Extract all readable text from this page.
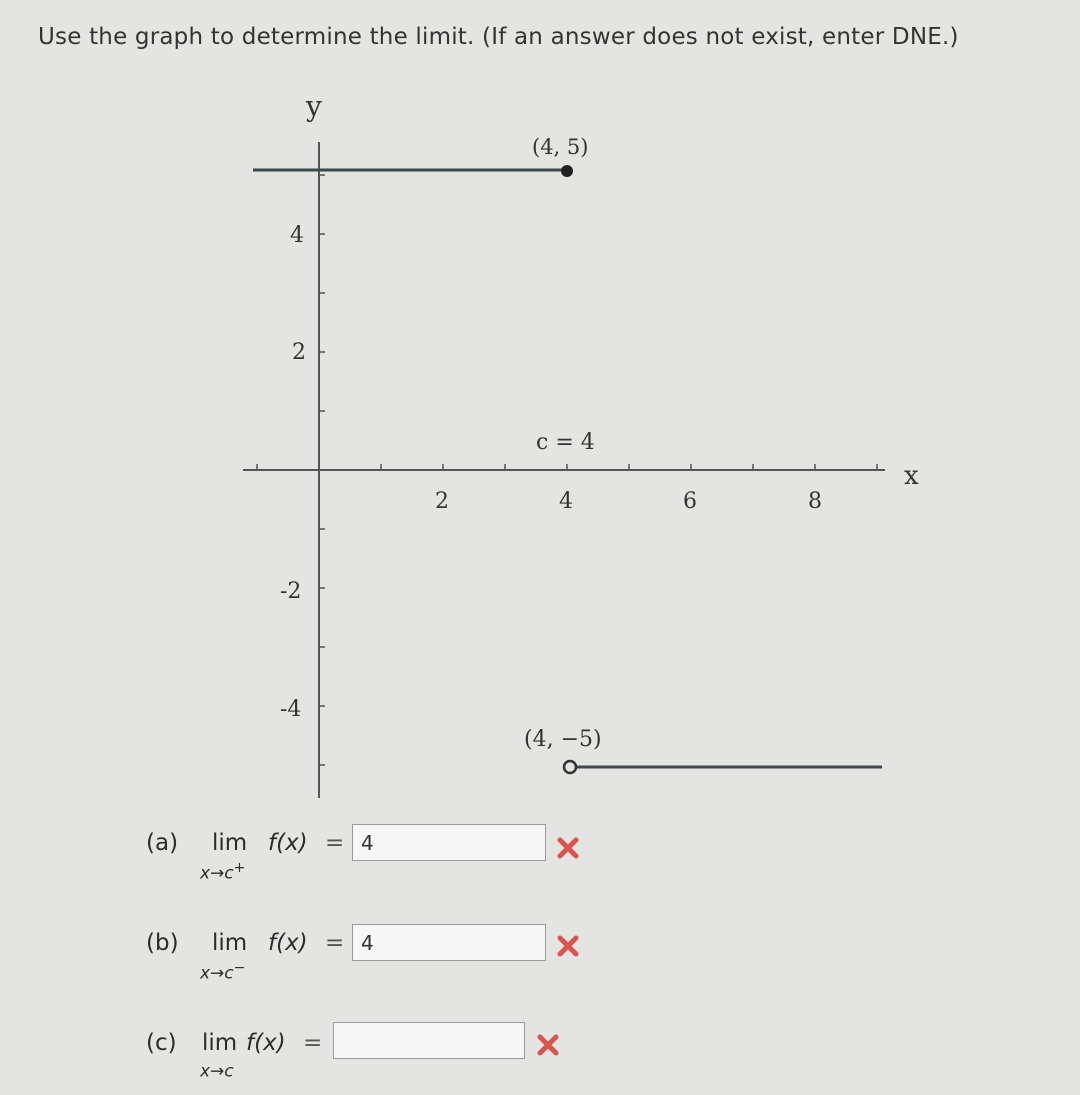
Use the graph to determine the limit. (If an answer does not exist, enter DNE.)
y
x
2	4	6	8
4
2
-2
-4
c = 4
(4, 5)
(4, −5)
(a) lim
x→c+
f(x) = 4
(b) lim
x→c−
f(x) = 4
(c) lim
x→c
f(x) =
